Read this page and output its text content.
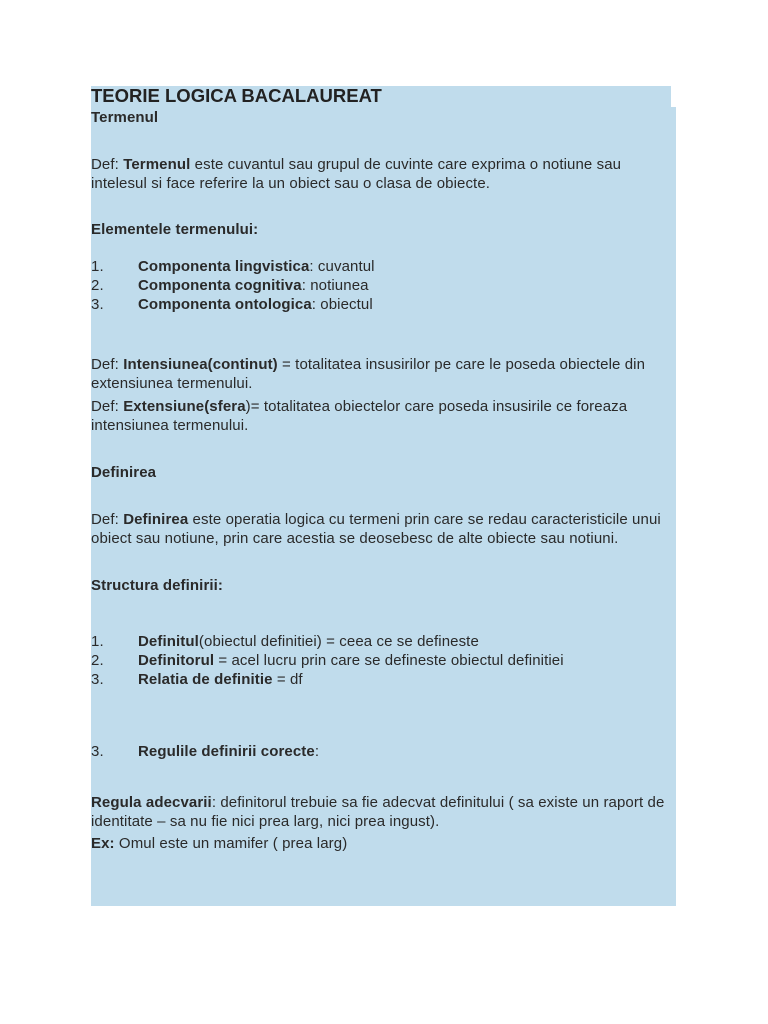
TEORIE LOGICA BACALAUREAT

Termenul

Def: Termenul este cuvantul sau grupul de cuvinte care exprima o notiune sau intelesul si face referire la un obiect sau o clasa de obiecte.

Elementele termenului:

1.	Componenta lingvistica: cuvantul
2.	Componenta cognitiva: notiunea
3.	Componenta ontologica: obiectul

Def: Intensiunea(continut) = totalitatea insusirilor pe care le poseda obiectele din extensiunea termenului.

Def: Extensiune(sfera)= totalitatea obiectelor care poseda insusirile ce foreaza intensiunea termenului.

Definirea

Def: Definirea este operatia logica cu termeni prin care se redau caracteristicile unui obiect sau notiune, prin care acestia se deosebesc de alte obiecte sau notiuni.

Structura definirii:

1.	Definitul(obiectul definitiei) = ceea ce se defineste
2.	Definitorul = acel lucru prin care se defineste obiectul definitiei
3.	Relatia de definitie = df
3.	Regulile definirii corecte:

Regula adecvarii: definitorul trebuie sa fie adecvat definitului ( sa existe un raport de identitate – sa nu fie nici prea larg, nici prea ingust).

Ex: Omul este un mamifer ( prea larg)
